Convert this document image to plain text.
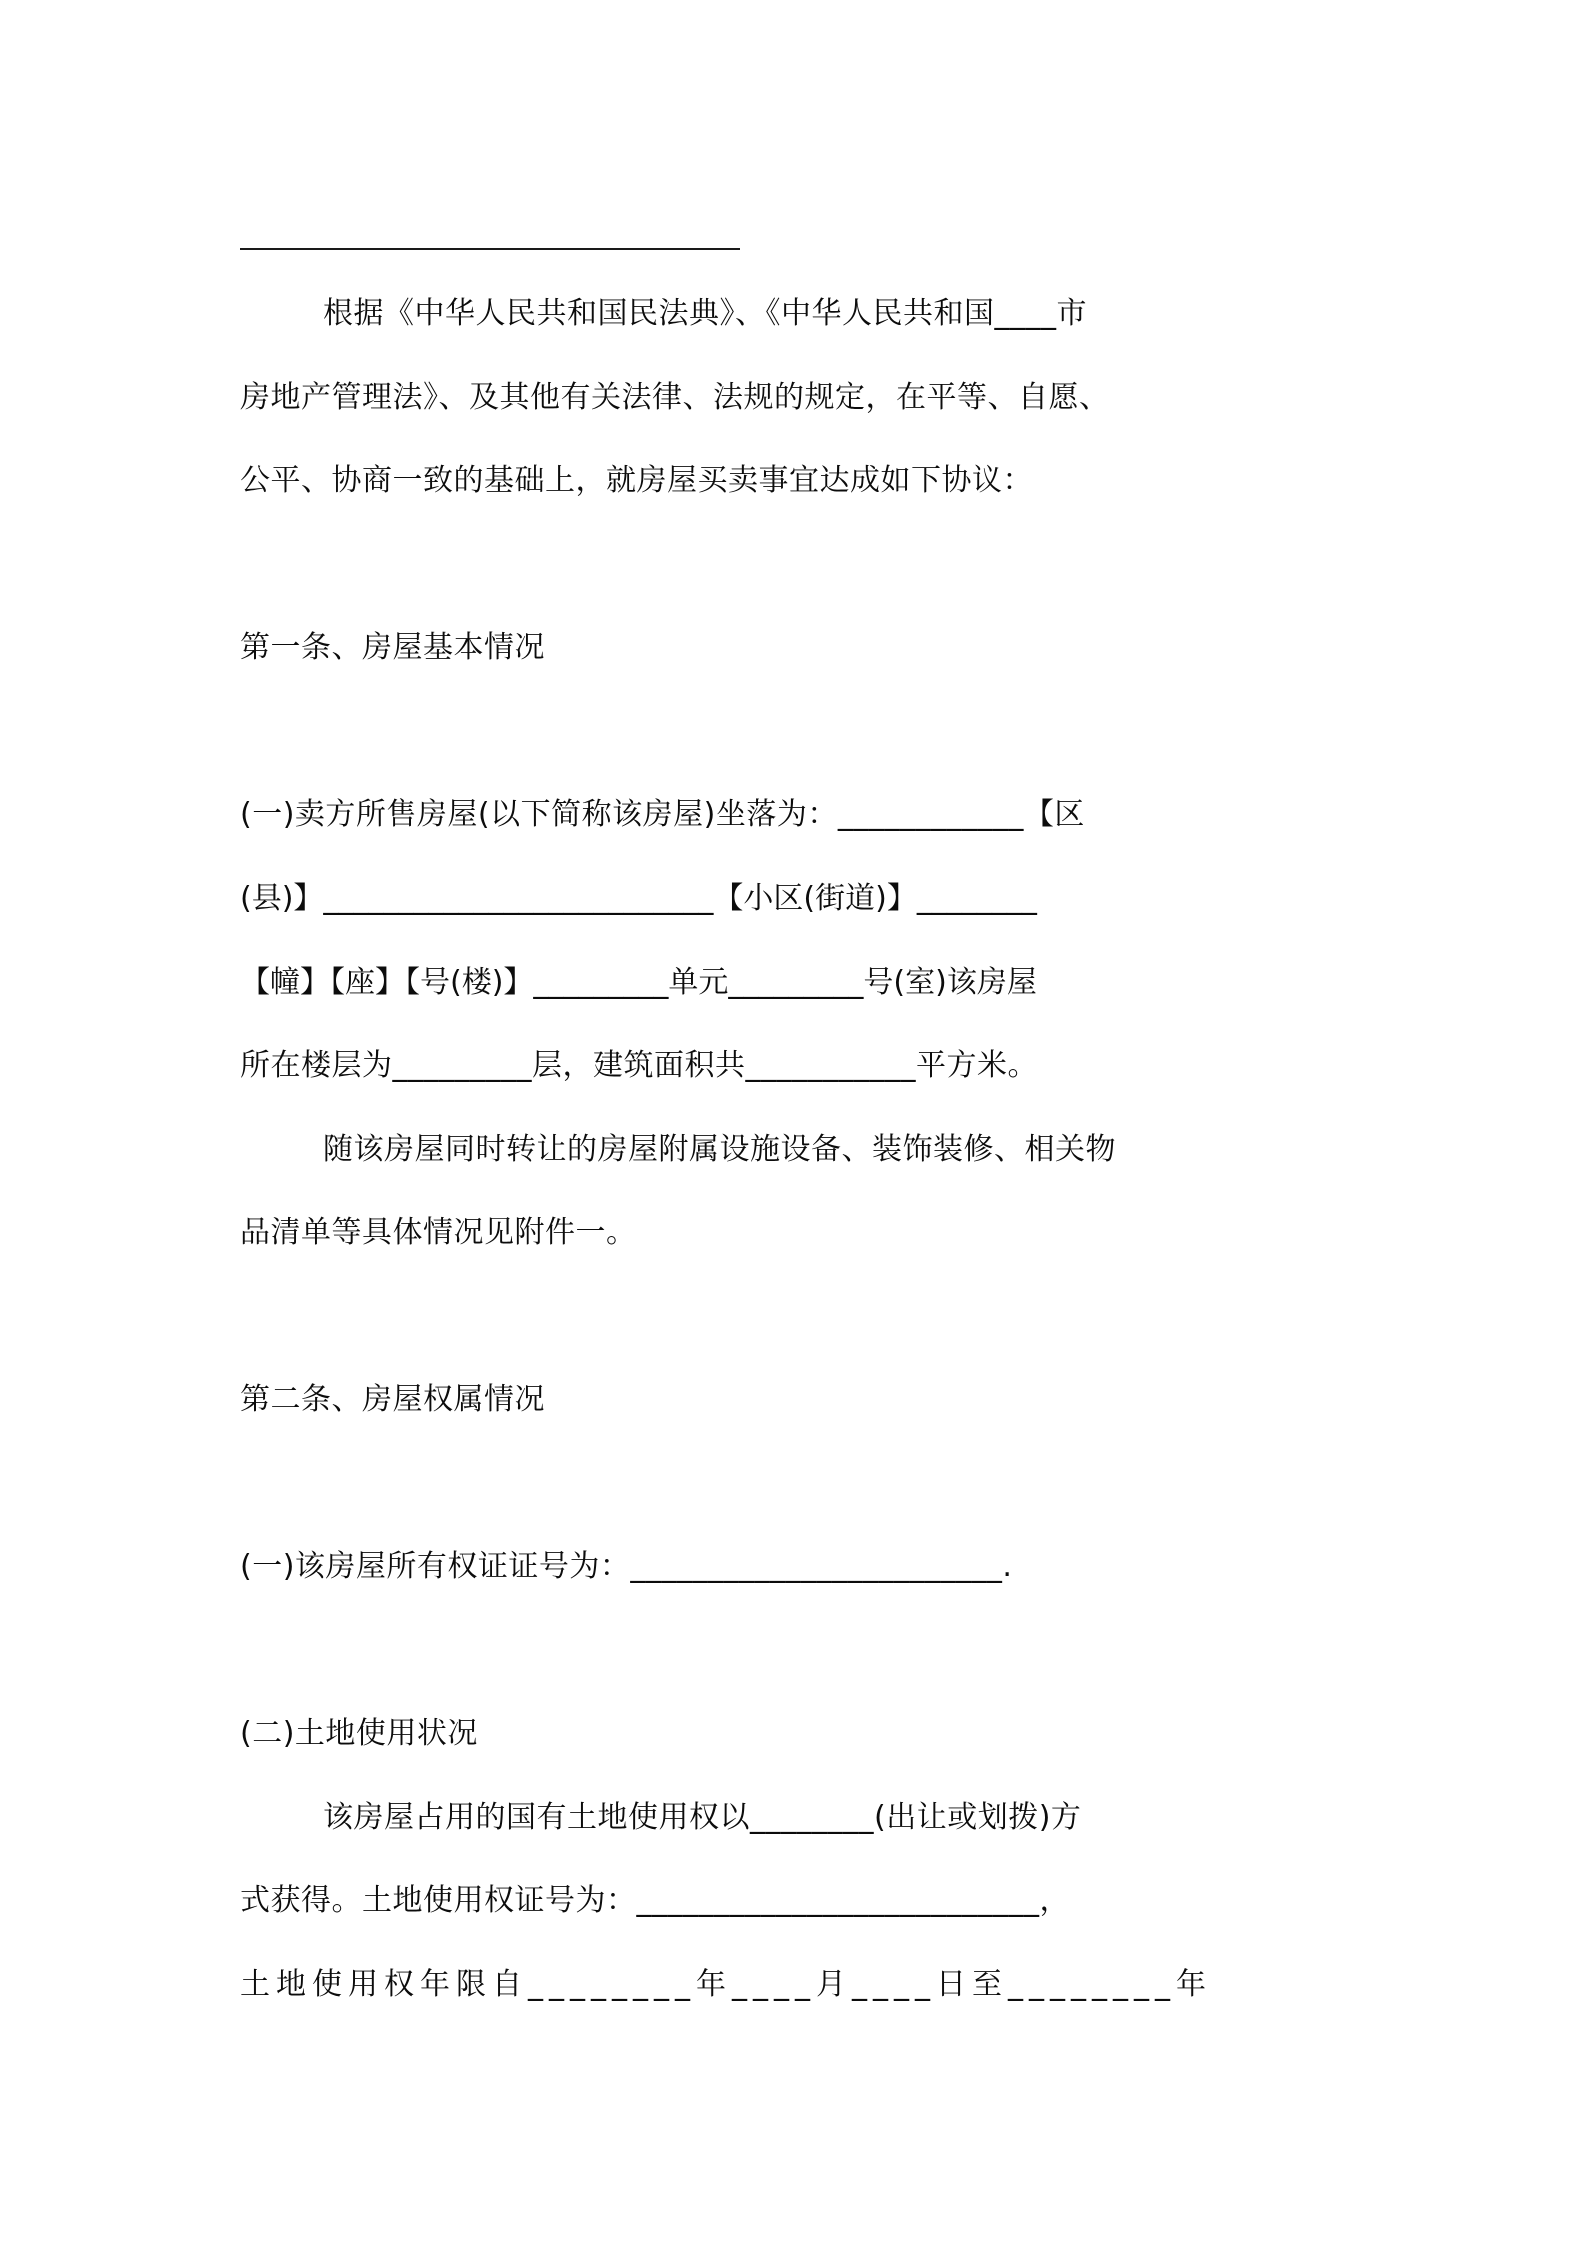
根据《中华人民共和国民法典》、《中华人民共和国____市

房地产管理法》、及其他有关法律、法规的规定，在平等、自愿、

公平、协商一致的基础上，就房屋买卖事宜达成如下协议：

第一条、房屋基本情况

(一)卖方所售房屋(以下简称该房屋)坐落为：____________【区

(县)】__________________________【小区(街道)】________

【幢】【座】【号(楼)】_________单元_________号(室)该房屋

所在楼层为_________层，建筑面积共___________平方米。

随该房屋同时转让的房屋附属设施设备、装饰装修、相关物

品清单等具体情况见附件一。

第二条、房屋权属情况

(一)该房屋所有权证证号为：________________________.

(二)土地使用状况

该房屋占用的国有土地使用权以________(出让或划拨)方

式获得。土地使用权证号为：__________________________，

土地使用权年限自________年____月____日至________年
